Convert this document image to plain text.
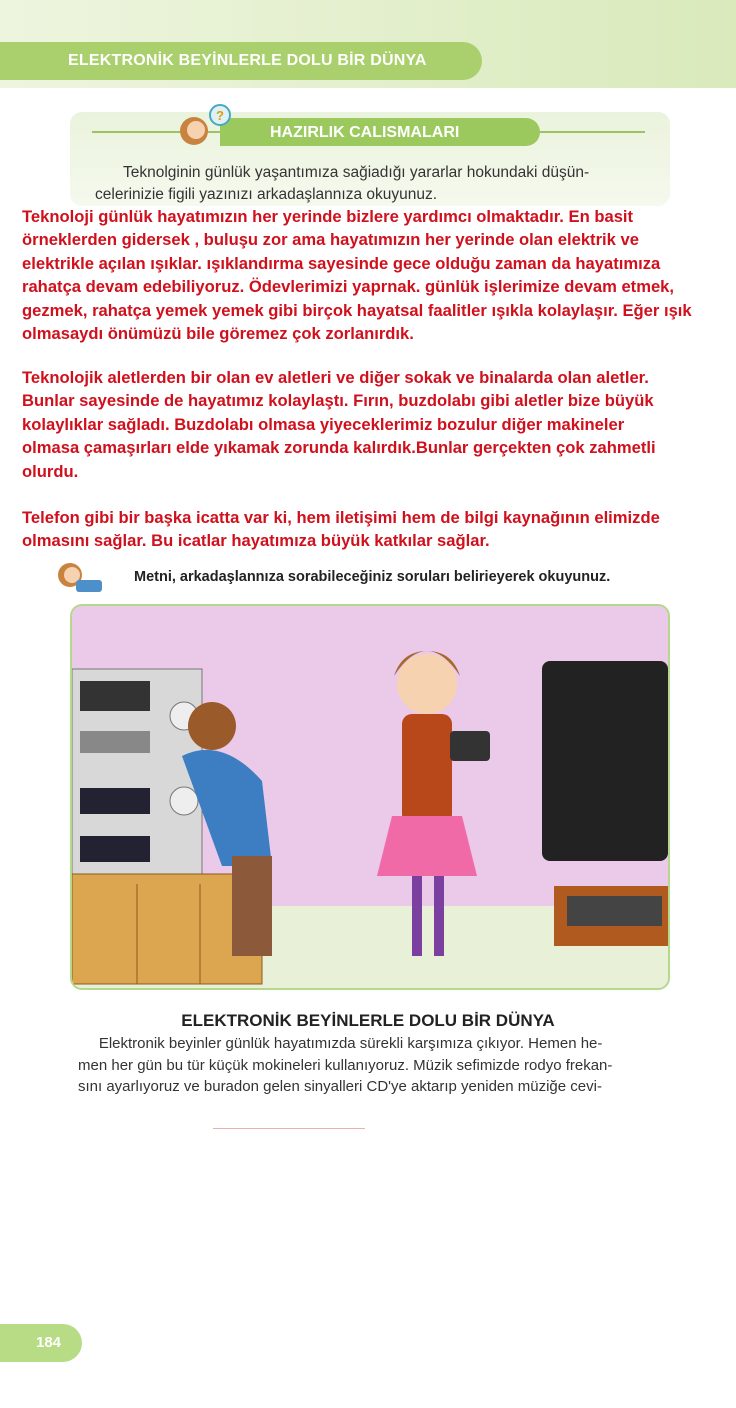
ELEKTRONİK BEYİNLERLE DOLU BİR DÜNYA
?
HAZIRLIK CALISMALARI
Teknolginin günlük yaşantımıza sağiadığı yararlar hokundaki düşün-
celerinizie figili yazınızı arkadaşlannıza okuyunuz.
Teknoloji günlük hayatımızın her yerinde bizlere yardımcı olmaktadır. En basit
örneklerden gidersek , buluşu zor ama hayatımızın her yerinde olan elektrik ve
elektrikle açılan ışıklar. ışıklandırma sayesinde gece olduğu zaman da hayatımıza
rahatça devam edebiliyoruz. Ödevlerimizi yaprnak. günlük işlerimize devam etmek,
gezmek, rahatça yemek yemek gibi birçok hayatsal faalitler ışıkla kolaylaşır. Eğer ışık
olmasaydı önümüzü bile göremez çok zorlanırdık.
Teknolojik aletlerden bir olan ev aletleri ve diğer sokak ve binalarda olan aletler.
Bunlar sayesinde de hayatımız kolaylaştı. Fırın, buzdolabı gibi aletler bize büyük
kolaylıklar sağladı. Buzdolabı olmasa yiyeceklerimiz bozulur diğer makineler
olmasa çamaşırları elde yıkamak zorunda kalırdık.Bunlar gerçekten çok zahmetli
olurdu.
Telefon gibi bir başka icatta var ki, hem iletişimi hem de bilgi kaynağının elimizde
olmasını sağlar. Bu icatlar hayatımıza büyük katkılar sağlar.
Metni, arkadaşlannıza sorabileceğiniz soruları belirieyerek okuyunuz.
ELEKTRONİK BEYİNLERLE DOLU BİR DÜNYA
Elektronik beyinler günlük hayatımızda sürekli karşımıza çıkıyor. Hemen he-
men her gün bu tür küçük mokineleri kullanıyoruz. Müzik sefimizde rodyo frekan-
sını ayarlıyoruz ve buradon gelen sinyalleri CD'ye aktarıp yeniden müziğe cevi-
184
